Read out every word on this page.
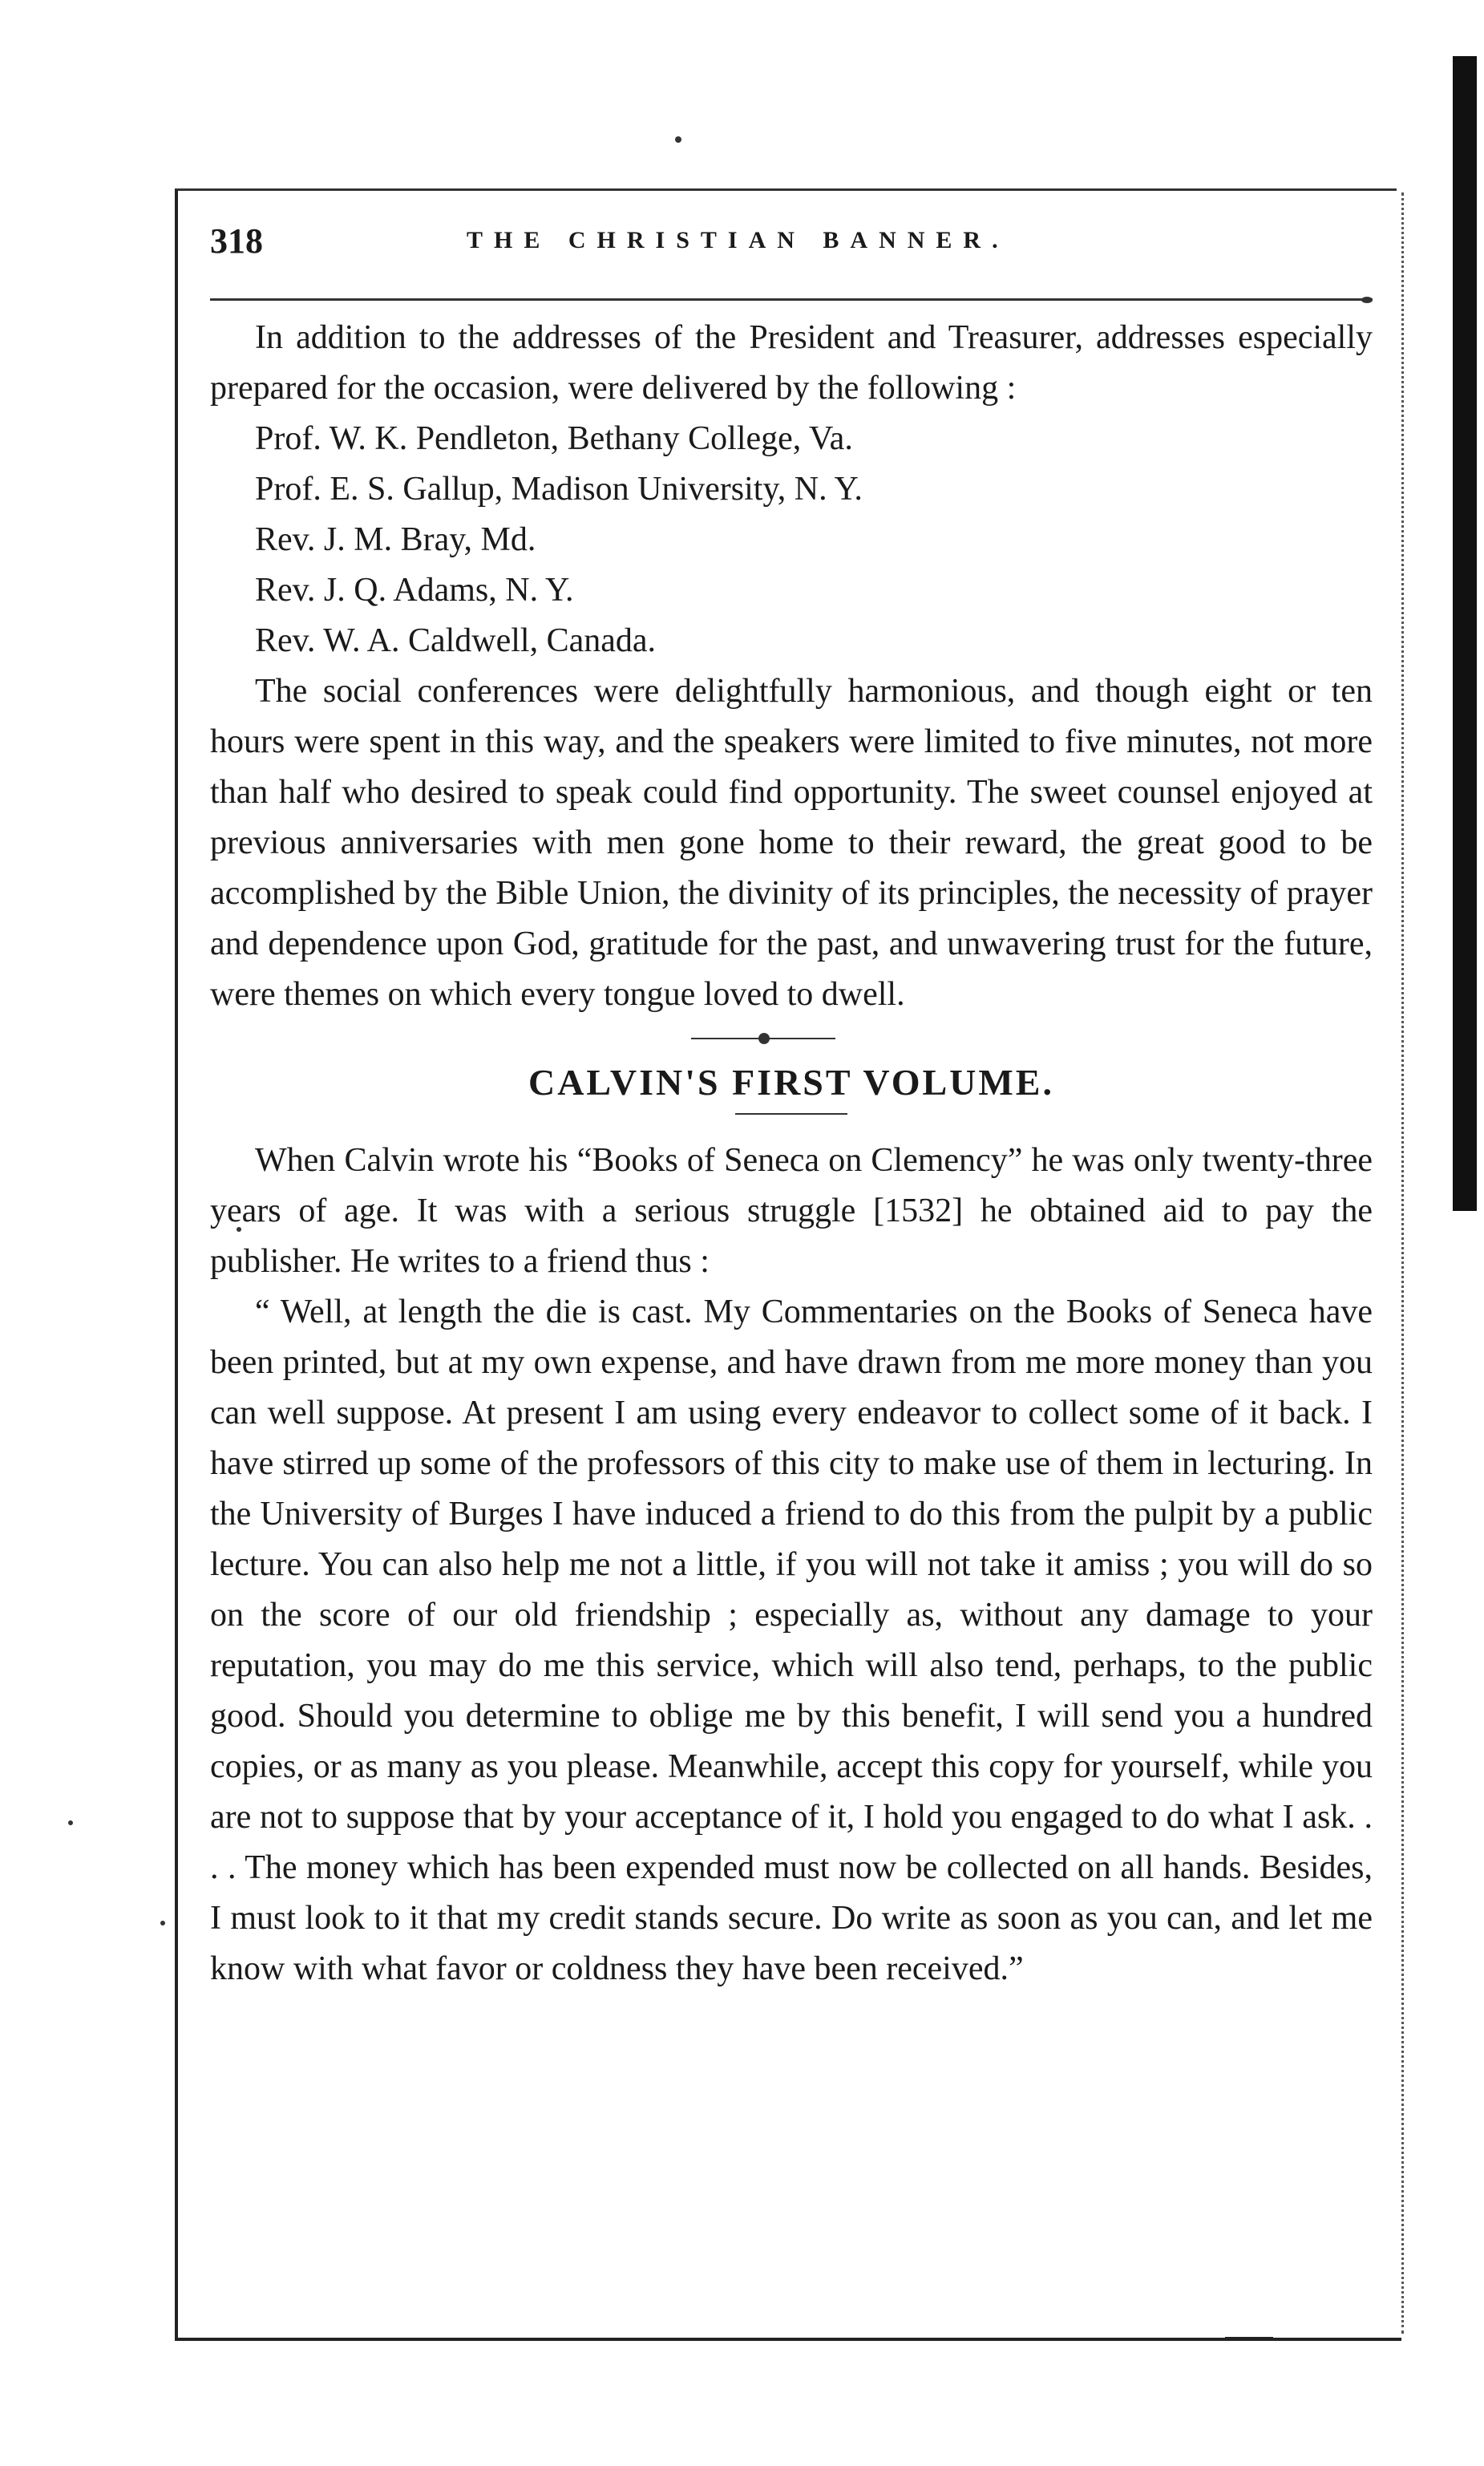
318	THE CHRISTIAN BANNER.

In addition to the addresses of the President and Treasurer, addresses especially prepared for the occasion, were delivered by the following :

Prof. W. K. Pendleton, Bethany College, Va.
Prof. E. S. Gallup, Madison University, N. Y.
Rev. J. M. Bray, Md.
Rev. J. Q. Adams, N. Y.
Rev. W. A. Caldwell, Canada.

The social conferences were delightfully harmonious, and though eight or ten hours were spent in this way, and the speakers were limited to five minutes, not more than half who desired to speak could find opportunity. The sweet counsel enjoyed at previous anniversaries with men gone home to their reward, the great good to be accomplished by the Bible Union, the divinity of its principles, the necessity of prayer and dependence upon God, gratitude for the past, and unwavering trust for the future, were themes on which every tongue loved to dwell.

CALVIN'S FIRST VOLUME.

When Calvin wrote his “Books of Seneca on Clemency” he was only twenty-three years of age. It was with a serious struggle [1532] he obtained aid to pay the publisher. He writes to a friend thus :

“ Well, at length the die is cast. My Commentaries on the Books of Seneca have been printed, but at my own expense, and have drawn from me more money than you can well suppose. At present I am using every endeavor to collect some of it back. I have stirred up some of the professors of this city to make use of them in lecturing. In the University of Burges I have induced a friend to do this from the pulpit by a public lecture. You can also help me not a little, if you will not take it amiss ; you will do so on the score of our old friendship ; especially as, without any damage to your reputation, you may do me this service, which will also tend, perhaps, to the public good. Should you determine to oblige me by this benefit, I will send you a hundred copies, or as many as you please. Meanwhile, accept this copy for yourself, while you are not to suppose that by your acceptance of it, I hold you engaged to do what I ask. . . . The money which has been expended must now be collected on all hands. Besides, I must look to it that my credit stands secure. Do write as soon as you can, and let me know with what favor or coldness they have been received.”
